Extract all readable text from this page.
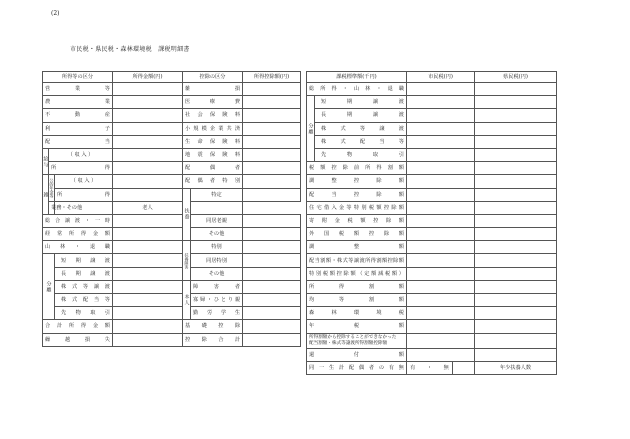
(2)
市民税・県民税・森林環境税　課税明細書
所得等の区分			所得金額(円)	控除の区分		所得控除額(円)
営業等				雑損		
農業				医療費		
不動産				社会保険料		
利子				小規模企業共済		
配当				生命保険料		
給与	（ 収 入 ）			地震保険料		
	所得			配偶者		
雑	公的年金等	（ 収 入 ）		配偶者特別		
		所得		扶養	特定	
	業務・その他		老人			
総合譲渡・一時					同居老親	
経常所得金額					その他	
山林・退職				扶養障害	特別	
分離		短期譲渡			同居特別	
		長期譲渡			その他	
		株式等譲渡		本人	障害者	
		株式配当等			寡婦・ひとり親	
		先物取引			勤労学生	
合計所得金額				基礎控除		
繰越損失				控除合計		
課税標準額(千円)		市民税(円)				県民税(円)
総所得・山林・退職						
分離	短期譲渡					
	長期譲渡					
	株式等譲渡					
	株式配当等					
	先物取引					
税額控除前所得割額						
調整控除額						
配当控除額						
住宅借入金等特別税額控除額						
寄附金税額控除額						
外国税額控除額						
調整額						
配当割額・株式等譲渡所得割額控除額						
特別税額控除額（定額減税額）						
所得割額						
均等割額						
森林環境税						
年税額						

所得割額から控除することができなかった
配当割額・株式等譲渡所得割額控除額						

還付額						
同一生計配偶者の有無		有	・	無		年少扶養人数
